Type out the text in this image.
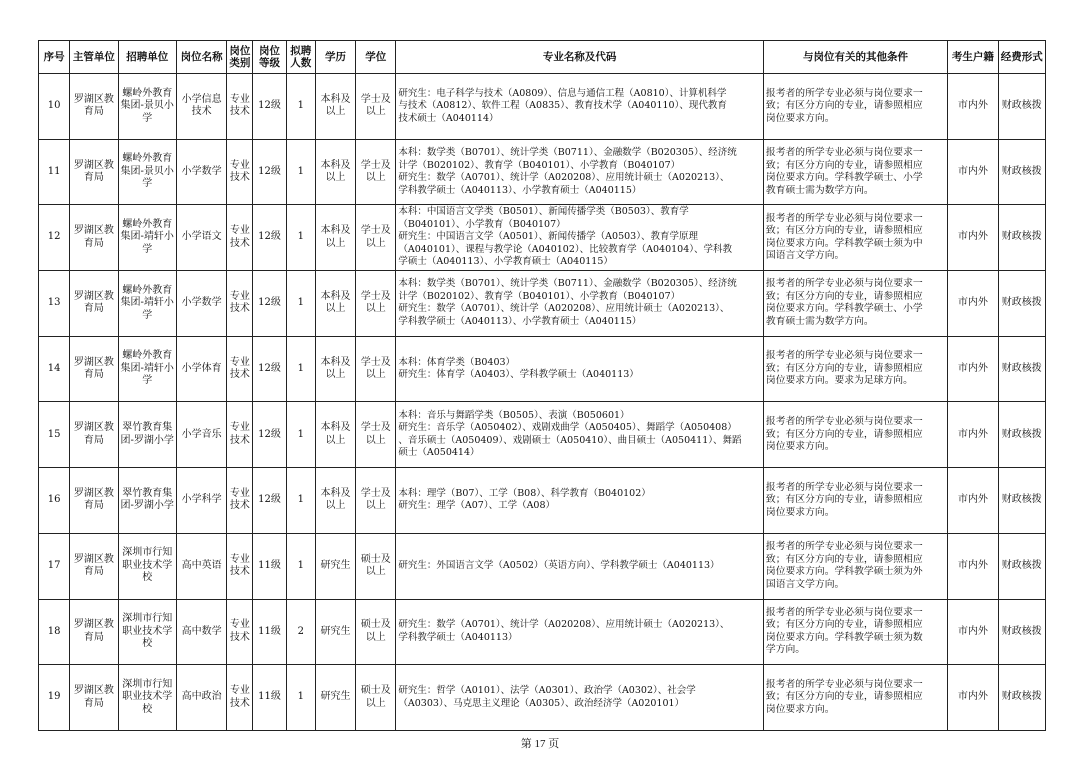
序号	主管单位	招聘单位	岗位名称	岗位类别	岗位等级	拟聘人数	学历	学位	专业名称及代码	与岗位有关的其他条件	考生户籍	经费形式
10	罗湖区教育局	螺岭外教育集团-景贝小学	小学信息技术	专业技术	12级	1	本科及以上	学士及以上	研究生：电子科学与技术（A0809）、信息与通信工程（A0810）、计算机科学
与技术（A0812）、软件工程（A0835）、教育技术学（A040110）、现代教育
技术硕士（A040114）	报考者的所学专业必须与岗位要求一
致；有区分方向的专业，请参照相应
岗位要求方向。	市内外	财政核拨
11	罗湖区教育局	螺岭外教育集团-景贝小学	小学数学	专业技术	12级	1	本科及以上	学士及以上	本科：数学类（B0701）、统计学类（B0711）、金融数学（B020305）、经济统
计学（B020102）、教育学（B040101）、小学教育（B040107）
研究生：数学（A0701）、统计学（A020208）、应用统计硕士（A020213）、
学科教学硕士（A040113）、小学教育硕士（A040115）	报考者的所学专业必须与岗位要求一
致；有区分方向的专业，请参照相应
岗位要求方向。学科教学硕士、小学
教育硕士需为数学方向。	市内外	财政核拨
12	罗湖区教育局	螺岭外教育集团-靖轩小学	小学语文	专业技术	12级	1	本科及以上	学士及以上	本科：中国语言文学类（B0501）、新闻传播学类（B0503）、教育学
（B040101）、小学教育（B040107）
研究生：中国语言文学（A0501）、新闻传播学（A0503）、教育学原理
（A040101）、课程与教学论（A040102）、比较教育学（A040104）、学科教
学硕士（A040113）、小学教育硕士（A040115）	报考者的所学专业必须与岗位要求一
致；有区分方向的专业，请参照相应
岗位要求方向。学科教学硕士须为中
国语言文学方向。	市内外	财政核拨
13	罗湖区教育局	螺岭外教育集团-靖轩小学	小学数学	专业技术	12级	1	本科及以上	学士及以上	本科：数学类（B0701）、统计学类（B0711）、金融数学（B020305）、经济统
计学（B020102）、教育学（B040101）、小学教育（B040107）
研究生：数学（A0701）、统计学（A020208）、应用统计硕士（A020213）、
学科教学硕士（A040113）、小学教育硕士（A040115）	报考者的所学专业必须与岗位要求一
致；有区分方向的专业，请参照相应
岗位要求方向。学科教学硕士、小学
教育硕士需为数学方向。	市内外	财政核拨
14	罗湖区教育局	螺岭外教育集团-靖轩小学	小学体育	专业技术	12级	1	本科及以上	学士及以上	本科：体育学类（B0403）
研究生：体育学（A0403）、学科教学硕士（A040113）	报考者的所学专业必须与岗位要求一
致；有区分方向的专业，请参照相应
岗位要求方向。要求为足球方向。	市内外	财政核拨
15	罗湖区教育局	翠竹教育集团-罗湖小学	小学音乐	专业技术	12级	1	本科及以上	学士及以上	本科：音乐与舞蹈学类（B0505）、表演（B050601）
研究生：音乐学（A050402）、戏剧戏曲学（A050405）、舞蹈学（A050408）
、音乐硕士（A050409）、戏剧硕士（A050410）、曲目硕士（A050411）、舞蹈
硕士（A050414）	报考者的所学专业必须与岗位要求一
致；有区分方向的专业，请参照相应
岗位要求方向。	市内外	财政核拨
16	罗湖区教育局	翠竹教育集团-罗湖小学	小学科学	专业技术	12级	1	本科及以上	学士及以上	本科：理学（B07）、工学（B08）、科学教育（B040102）
研究生：理学（A07）、工学（A08）	报考者的所学专业必须与岗位要求一
致；有区分方向的专业，请参照相应
岗位要求方向。	市内外	财政核拨
17	罗湖区教育局	深圳市行知职业技术学校	高中英语	专业技术	11级	1	研究生	硕士及以上	研究生：外国语言文学（A0502）（英语方向）、学科教学硕士（A040113）	报考者的所学专业必须与岗位要求一
致；有区分方向的专业，请参照相应
岗位要求方向。学科教学硕士须为外
国语言文学方向。	市内外	财政核拨
18	罗湖区教育局	深圳市行知职业技术学校	高中数学	专业技术	11级	2	研究生	硕士及以上	研究生：数学（A0701）、统计学（A020208）、应用统计硕士（A020213）、
学科教学硕士（A040113）	报考者的所学专业必须与岗位要求一
致；有区分方向的专业，请参照相应
岗位要求方向。学科教学硕士须为数
学方向。	市内外	财政核拨
19	罗湖区教育局	深圳市行知职业技术学校	高中政治	专业技术	11级	1	研究生	硕士及以上	研究生：哲学（A0101）、法学（A0301）、政治学（A0302）、社会学
（A0303）、马克思主义理论（A0305）、政治经济学（A020101）	报考者的所学专业必须与岗位要求一
致；有区分方向的专业，请参照相应
岗位要求方向。	市内外	财政核拨
第 17 页
